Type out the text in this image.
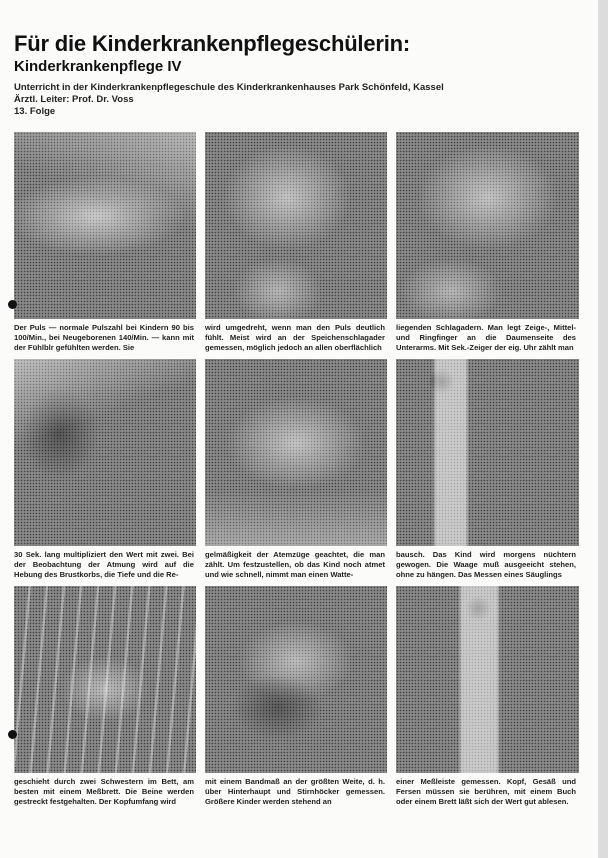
Für die Kinderkrankenpflegeschülerin:
Kinderkrankenpflege IV
Unterricht in der Kinderkrankenpflegeschule des Kinderkrankenhauses Park Schönfeld, Kassel
Ärztl. Leiter: Prof. Dr. Voss
13. Folge
Der Puls — normale Pulszahl bei Kindern 90 bis 100/Min., bei Neugeborenen 140/Min. — kann mit der Fühlblr gefühlten werden. Sie
wird umgedreht, wenn man den Puls deutlich fühlt. Meist wird an der Speichenschlagader gemessen, möglich jedoch an allen oberflächlich
liegenden Schlagadern. Man legt Zeige-, Mittel- und Ringfinger an die Daumenseite des Unterarms. Mit Sek.-Zeiger der eig. Uhr zählt man
30 Sek. lang multipliziert den Wert mit zwei. Bei der Beobachtung der Atmung wird auf die Hebung des Brustkorbs, die Tiefe und die Re-
gelmäßigkeit der Atemzüge geachtet, die man zählt. Um festzustellen, ob das Kind noch atmet und wie schnell, nimmt man einen Watte-
bausch. Das Kind wird morgens nüchtern gewogen. Die Waage muß ausgeeicht stehen, ohne zu hängen. Das Messen eines Säuglings
geschieht durch zwei Schwestern im Bett, am besten mit einem Meßbrett. Die Beine werden gestreckt festgehalten. Der Kopfumfang wird
mit einem Bandmaß an der größten Weite, d. h. über Hinterhaupt und Stirnhöcker gemessen. Größere Kinder werden stehend an
einer Meßleiste gemessen. Kopf, Gesäß und Fersen müssen sie berühren, mit einem Buch oder einem Brett läßt sich der Wert gut ablesen.
